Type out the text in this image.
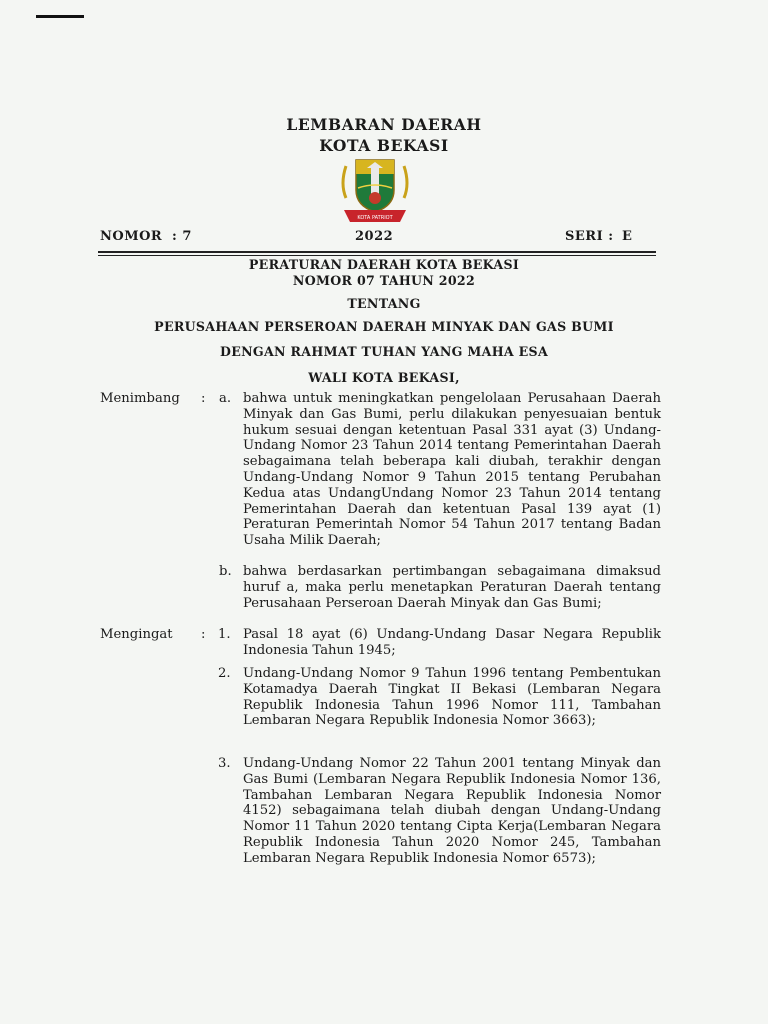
LEMBARAN DAERAH
KOTA BEKASI
KOTA PATRIOT
NOMOR : 7	2022	SERI : E
PERATURAN DAERAH KOTA BEKASI
NOMOR 07 TAHUN 2022
TENTANG
PERUSAHAAN PERSEROAN DAERAH MINYAK DAN GAS BUMI
DENGAN RAHMAT TUHAN YANG MAHA ESA
WALI KOTA BEKASI,
Menimbang : a. bahwa untuk meningkatkan pengelolaan Perusahaan Daerah Minyak dan Gas Bumi, perlu dilakukan penyesuaian bentuk hukum sesuai dengan ketentuan Pasal 331 ayat (3) Undang-Undang Nomor 23 Tahun 2014 tentang Pemerintahan Daerah sebagaimana telah beberapa kali diubah, terakhir dengan Undang-Undang Nomor 9 Tahun 2015 tentang Perubahan Kedua atas UndangUndang Nomor 23 Tahun 2014 tentang Pemerintahan Daerah dan ketentuan Pasal 139 ayat (1) Peraturan Pemerintah Nomor 54 Tahun 2017 tentang Badan Usaha Milik Daerah;
b. bahwa berdasarkan pertimbangan sebagaimana dimaksud huruf a, maka perlu menetapkan Peraturan Daerah tentang Perusahaan Perseroan Daerah Minyak dan Gas Bumi;
Mengingat : 1. Pasal 18 ayat (6) Undang-Undang Dasar Negara Republik Indonesia Tahun 1945;
2. Undang-Undang Nomor 9 Tahun 1996 tentang Pembentukan Kotamadya Daerah Tingkat II Bekasi (Lembaran Negara Republik Indonesia Tahun 1996 Nomor 111, Tambahan Lembaran Negara Republik Indonesia Nomor 3663);
3. Undang-Undang Nomor 22 Tahun 2001 tentang Minyak dan Gas Bumi (Lembaran Negara Republik Indonesia Nomor 136, Tambahan Lembaran Negara Republik Indonesia Nomor 4152) sebagaimana telah diubah dengan Undang-Undang Nomor 11 Tahun 2020 tentang Cipta Kerja(Lembaran Negara Republik Indonesia Tahun 2020 Nomor 245, Tambahan Lembaran Negara Republik Indonesia Nomor 6573);
